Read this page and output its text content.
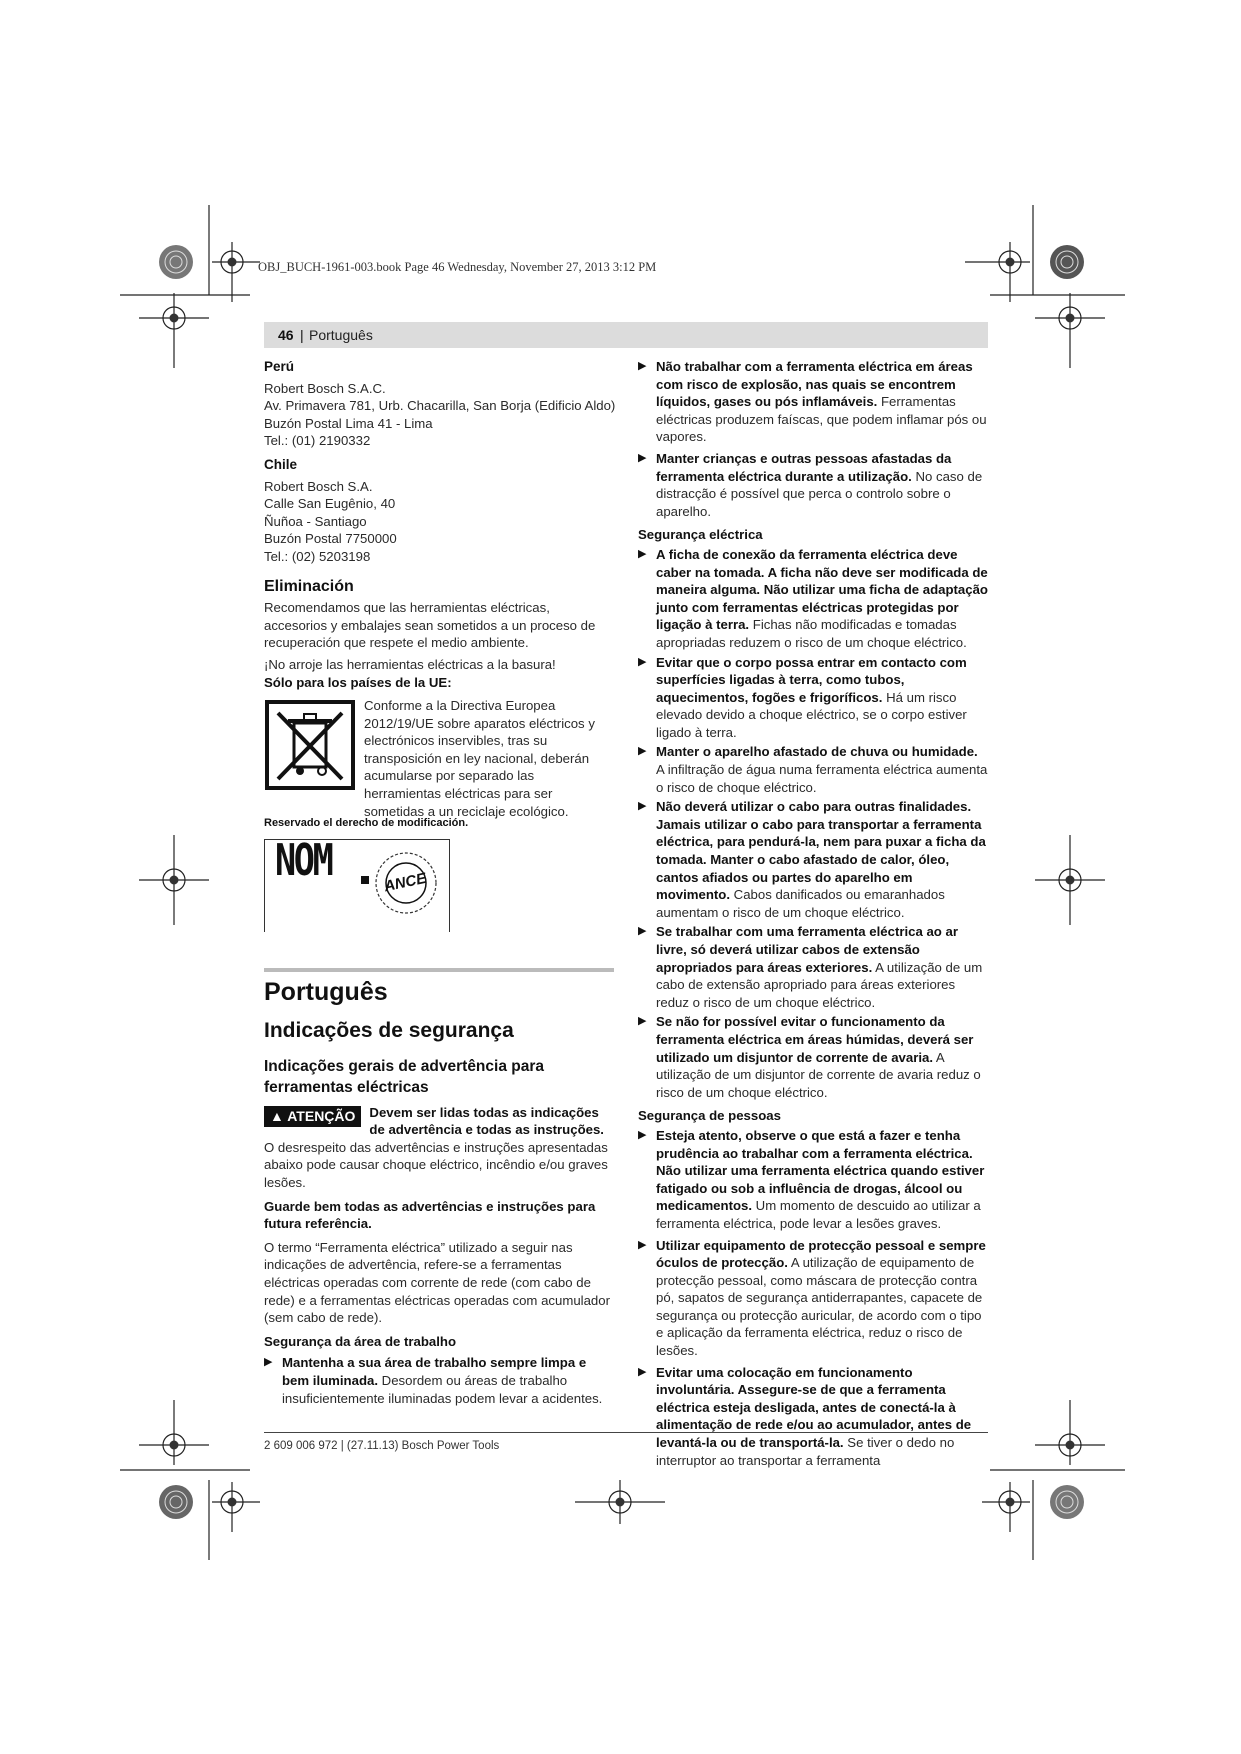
OBJ_BUCH-1961-003.book Page 46 Wednesday, November 27, 2013 3:12 PM
46 | Português

Perú

Robert Bosch S.A.C.

Av. Primavera 781, Urb. Chacarilla, San Borja (Edificio Aldo)

Buzón Postal Lima 41 - Lima

Tel.: (01) 2190332

Chile

Robert Bosch S.A.

Calle San Eugênio, 40

Ñuñoa - Santiago

Buzón Postal 7750000

Tel.: (02) 5203198

Eliminación

Recomendamos que las herramientas eléctricas, accesorios y embalajes sean sometidos a un proceso de recuperación que respete el medio ambiente.

¡No arroje las herramientas eléctricas a la basura!

Sólo para los países de la UE:

Conforme a la Directiva Europea 2012/19/UE sobre aparatos eléctricos y electrónicos inservibles, tras su transposición en ley nacional, deberán acumularse por separado las herramientas eléctricas para ser sometidas a un reciclaje ecológico.

Reservado el derecho de modificación.

NOM	ANCE

Português

Indicações de segurança

Indicações gerais de advertência para ferramentas eléctricas

▲ ATENÇÃO	Devem ser lidas todas as indicações de advertência e todas as instruções. O desrespeito das advertências e instruções apresentadas abaixo pode causar choque eléctrico, incêndio e/ou graves lesões.

Guarde bem todas as advertências e instruções para futura referência.

O termo “Ferramenta eléctrica” utilizado a seguir nas indicações de advertência, refere-se a ferramentas eléctricas operadas com corrente de rede (com cabo de rede) e a ferramentas eléctricas operadas com acumulador (sem cabo de rede).

Segurança da área de trabalho

▶ Mantenha a sua área de trabalho sempre limpa e bem iluminada. Desordem ou áreas de trabalho insuficientemente iluminadas podem levar a acidentes.
▶ Não trabalhar com a ferramenta eléctrica em áreas com risco de explosão, nas quais se encontrem líquidos, gases ou pós inflamáveis. Ferramentas eléctricas produzem faíscas, que podem inflamar pós ou vapores.
▶ Manter crianças e outras pessoas afastadas da ferramenta eléctrica durante a utilização. No caso de distracção é possível que perca o controlo sobre o aparelho.

Segurança eléctrica

▶ A ficha de conexão da ferramenta eléctrica deve caber na tomada. A ficha não deve ser modificada de maneira alguma. Não utilizar uma ficha de adaptação junto com ferramentas eléctricas protegidas por ligação à terra. Fichas não modificadas e tomadas apropriadas reduzem o risco de um choque eléctrico.
▶ Evitar que o corpo possa entrar em contacto com superfícies ligadas à terra, como tubos, aquecimentos, fogões e frigoríficos. Há um risco elevado devido a choque eléctrico, se o corpo estiver ligado à terra.
▶ Manter o aparelho afastado de chuva ou humidade. A infiltração de água numa ferramenta eléctrica aumenta o risco de choque eléctrico.
▶ Não deverá utilizar o cabo para outras finalidades. Jamais utilizar o cabo para transportar a ferramenta eléctrica, para pendurá-la, nem para puxar a ficha da tomada. Manter o cabo afastado de calor, óleo, cantos afiados ou partes do aparelho em movimento. Cabos danificados ou emaranhados aumentam o risco de um choque eléctrico.
▶ Se trabalhar com uma ferramenta eléctrica ao ar livre, só deverá utilizar cabos de extensão apropriados para áreas exteriores. A utilização de um cabo de extensão apropriado para áreas exteriores reduz o risco de um choque eléctrico.
▶ Se não for possível evitar o funcionamento da ferramenta eléctrica em áreas húmidas, deverá ser utilizado um disjuntor de corrente de avaria. A utilização de um disjuntor de corrente de avaria reduz o risco de um choque eléctrico.

Segurança de pessoas

▶ Esteja atento, observe o que está a fazer e tenha prudência ao trabalhar com a ferramenta eléctrica. Não utilizar uma ferramenta eléctrica quando estiver fatigado ou sob a influência de drogas, álcool ou medicamentos. Um momento de descuido ao utilizar a ferramenta eléctrica, pode levar a lesões graves.
▶ Utilizar equipamento de protecção pessoal e sempre óculos de protecção. A utilização de equipamento de protecção pessoal, como máscara de protecção contra pó, sapatos de segurança antiderrapantes, capacete de segurança ou protecção auricular, de acordo com o tipo e aplicação da ferramenta eléctrica, reduz o risco de lesões.
▶ Evitar uma colocação em funcionamento involuntária. Assegure-se de que a ferramenta eléctrica esteja desligada, antes de conectá-la à alimentação de rede e/ou ao acumulador, antes de levantá-la ou de transportá-la. Se tiver o dedo no interruptor ao transportar a ferramenta
2 609 006 972 | (27.11.13) Bosch Power Tools
